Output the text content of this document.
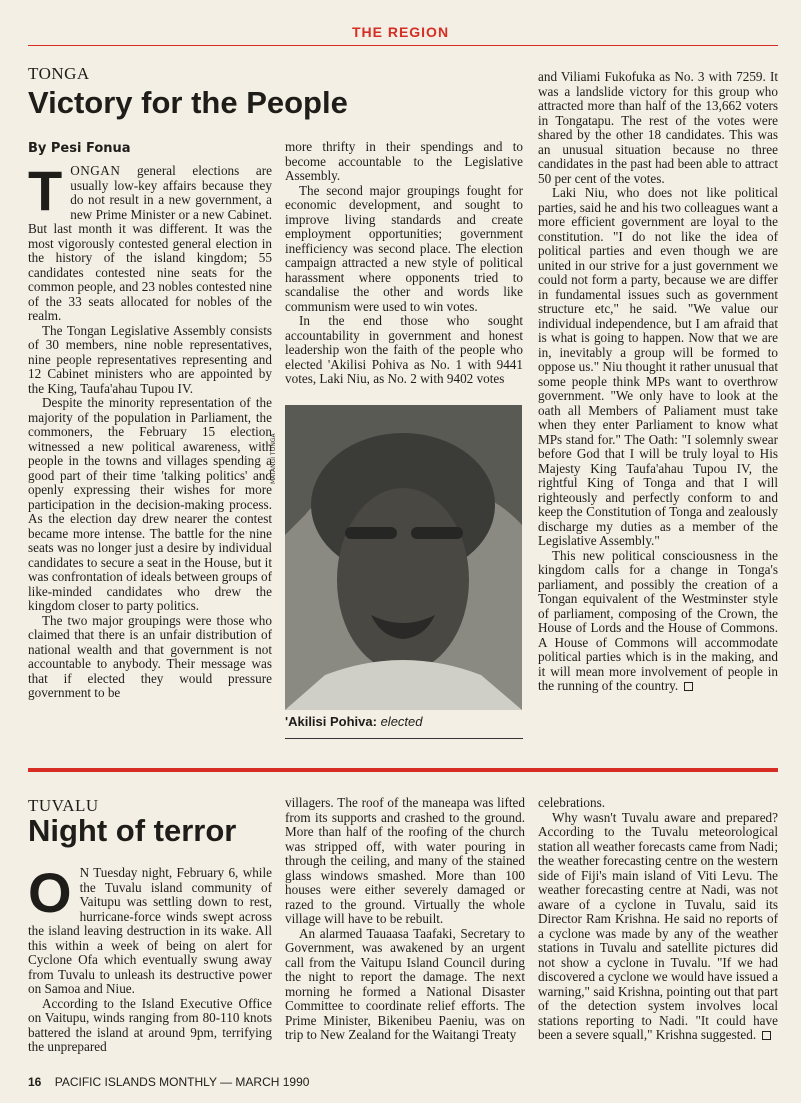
THE REGION
TONGA
Victory for the People
By Pesi Fonua

TONGAN general elections are usually low-key affairs because they do not result in a new government, a new Prime Minister or a new Cabinet. But last month it was different. It was the most vigorously contested general election in the history of the island kingdom; 55 candidates contested nine seats for the common people, and 23 nobles contested nine of the 33 seats allocated for nobles of the realm.

The Tongan Legislative Assembly consists of 30 members, nine noble representatives, nine people representatives representing and 12 Cabinet ministers who are appointed by the King, Taufa'ahau Tupou IV.

Despite the minority representation of the majority of the population in Parliament, the commoners, the February 15 election witnessed a new political awareness, with people in the towns and villages spending a good part of their time 'talking politics' and openly expressing their wishes for more participation in the decision-making process. As the election day drew nearer the contest became more intense. The battle for the nine seats was no longer just a desire by individual candidates to secure a seat in the House, but it was confrontation of ideals between groups of like-minded candidates who drew the kingdom closer to party politics.

The two major groupings were those who claimed that there is an unfair distribution of national wealth and that government is not accountable to anybody. Their message was that if elected they would pressure government to be

more thrifty in their spendings and to become accountable to the Legislative Assembly.

The second major groupings fought for economic development, and sought to improve living standards and create employment opportunities; government inefficiency was second place. The election campaign attracted a new style of political harassment where opponents tried to scandalise the other and words like communism were used to win votes.

In the end those who sought accountability in government and honest leadership won the faith of the people who elected 'Akilisi Pohiva as No. 1 with 9441 votes, Laki Niu, as No. 2 with 9402 votes

MATANGI TONGA
'Akilisi Pohiva: elected

and Viliami Fukofuka as No. 3 with 7259. It was a landslide victory for this group who attracted more than half of the 13,662 voters in Tongatapu. The rest of the votes were shared by the other 18 candidates. This was an unusual situation because no three candidates in the past had been able to attract 50 per cent of the votes.

Laki Niu, who does not like political parties, said he and his two colleagues want a more efficient government are loyal to the constitution. "I do not like the idea of political parties and even though we are united in our strive for a just government we could not form a party, because we are differ in fundamental issues such as government structure etc," he said. "We value our individual independence, but I am afraid that is what is going to happen. Now that we are in, inevitably a group will be formed to oppose us." Niu thought it rather unusual that some people think MPs want to overthrow government. "We only have to look at the oath all Members of Paliament must take when they enter Parliament to know what MPs stand for." The Oath: "I solemnly swear before God that I will be truly loyal to His Majesty King Taufa'ahau Tupou IV, the rightful King of Tonga and that I will righteously and perfectly conform to and keep the Constitution of Tonga and zealously discharge my duties as a member of the Legislative Assembly."

This new political consciousness in the kingdom calls for a change in Tonga's parliament, and possibly the creation of a Tongan equivalent of the Westminster style of parliament, composing of the Crown, the House of Lords and the House of Commons. A House of Commons will accommodate political parties which is in the making, and it will mean more involvement of people in the running of the country.

TUVALU
Night of terror

O N Tuesday night, February 6, while the Tuvalu island community of Vaitupu was settling down to rest, hurricane-force winds swept across the island leaving destruction in its wake. All this within a week of being on alert for Cyclone Ofa which eventually swung away from Tuvalu to unleash its destructive power on Samoa and Niue.

According to the Island Executive Office on Vaitupu, winds ranging from 80-110 knots battered the island at around 9pm, terrifying the unprepared

villagers. The roof of the maneapa was lifted from its supports and crashed to the ground. More than half of the roofing of the church was stripped off, with water pouring in through the ceiling, and many of the stained glass windows smashed. More than 100 houses were either severely damaged or razed to the ground. Virtually the whole village will have to be rebuilt.

An alarmed Tauaasa Taafaki, Secretary to Government, was awakened by an urgent call from the Vaitupu Island Council during the night to report the damage. The next morning he formed a National Disaster Committee to coordinate relief efforts. The Prime Minister, Bikenibeu Paeniu, was on trip to New Zealand for the Waitangi Treaty

celebrations.

Why wasn't Tuvalu aware and prepared? According to the Tuvalu meteorological station all weather forecasts came from Nadi; the weather forecasting centre on the western side of Fiji's main island of Viti Levu. The weather forecasting centre at Nadi, was not aware of a cyclone in Tuvalu, said its Director Ram Krishna. He said no reports of a cyclone was made by any of the weather stations in Tuvalu and satellite pictures did not show a cyclone in Tuvalu. "If we had discovered a cyclone we would have issued a warning," said Krishna, pointing out that part of the detection system involves local stations reporting to Nadi. "It could have been a severe squall," Krishna suggested.

16 PACIFIC ISLANDS MONTHLY — MARCH 1990
